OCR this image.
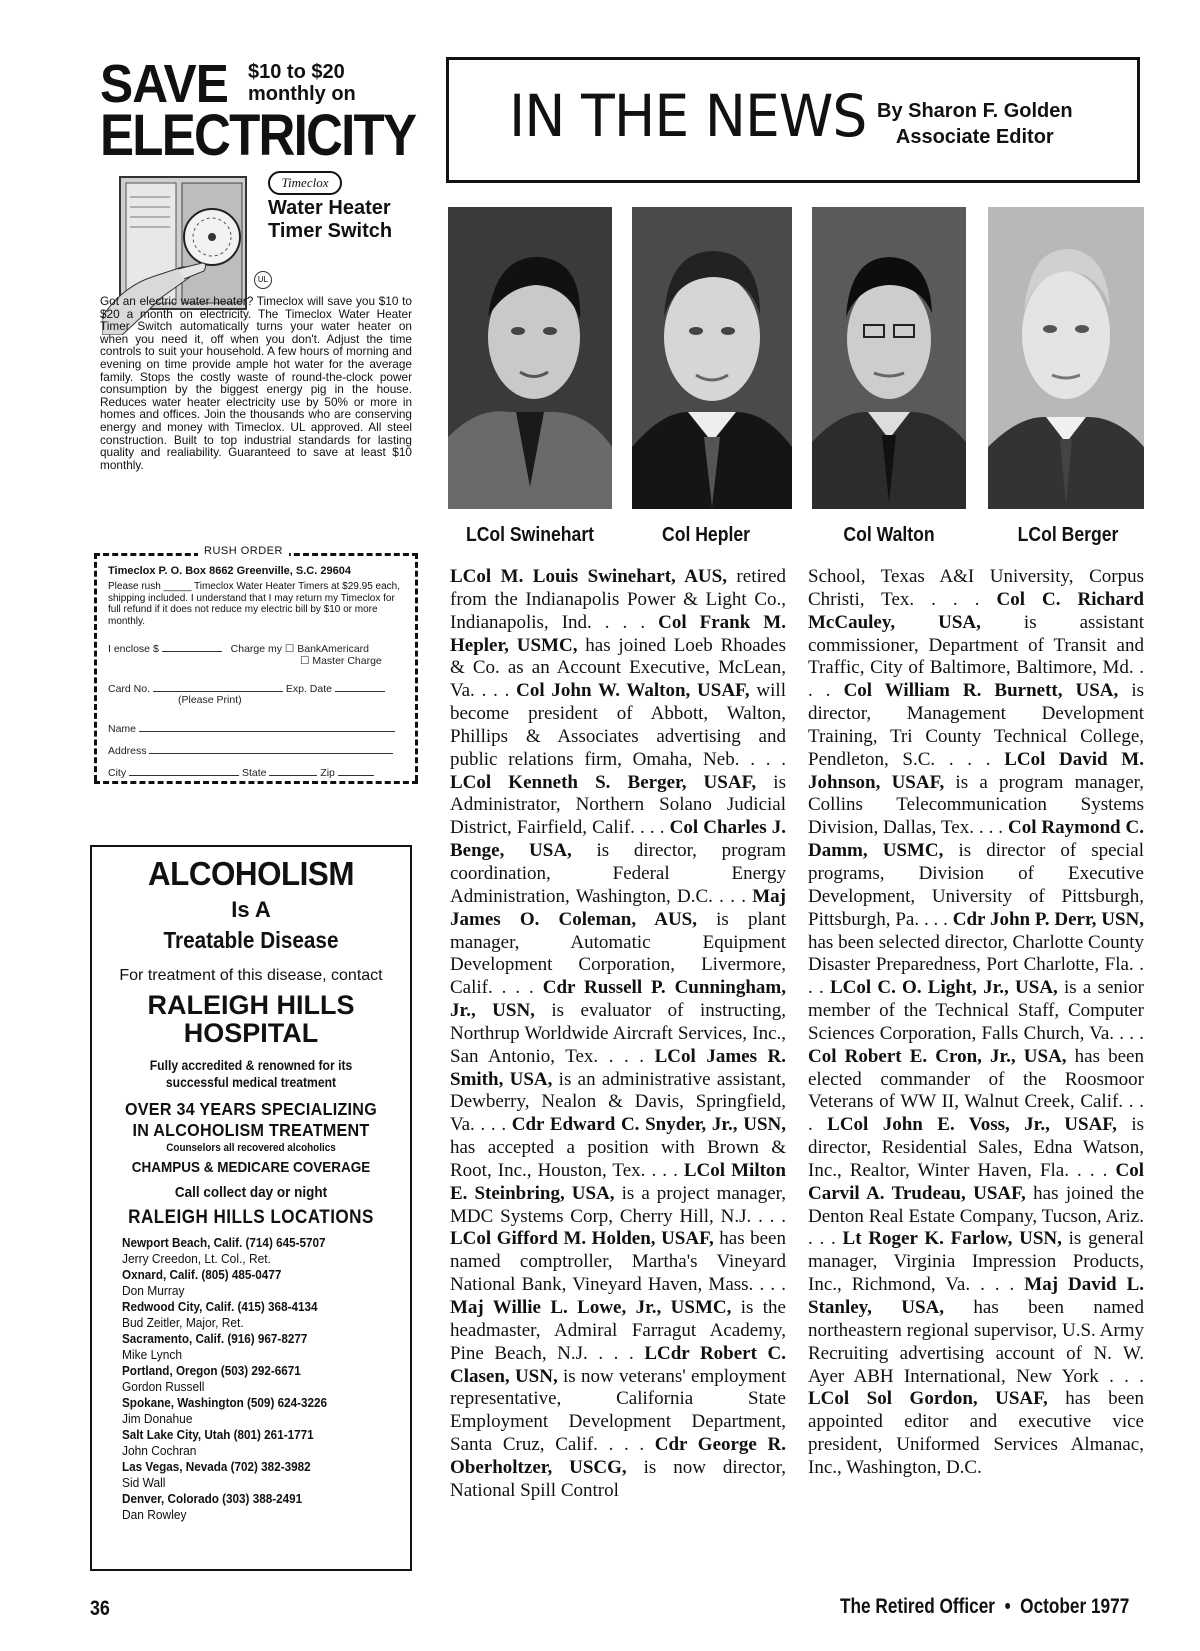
SAVE $10 to $20
monthly on
ELECTRICITY
Timeclox
Water Heater
Timer Switch
UL
Got an electric water heater? Timeclox will save you $10 to $20 a month on electricity. The Timeclox Water Heater Timer Switch automatically turns your water heater on when you need it, off when you don't. Adjust the time controls to suit your household. A few hours of morning and evening on time provide ample hot water for the average family. Stops the costly waste of round-the-clock power consumption by the biggest energy pig in the house. Reduces water heater electricity use by 50% or more in homes and offices. Join the thousands who are conserving energy and money with Timeclox. UL approved. All steel construction. Built to top industrial standards for lasting quality and realiability. Guaranteed to save at least $10 monthly.
RUSH ORDER
Timeclox P. O. Box 8662 Greenville, S.C. 29604
Please rush _____ Timeclox Water Heater Timers at $29.95 each, shipping included. I understand that I may return my Timeclox for full refund if it does not reduce my electric bill by $10 or more monthly.
I enclose $	Charge my ☐ BankAmericard
☐ Master Charge
Card No.	Exp. Date
(Please Print)
Name
Address
City	State	Zip
ALCOHOLISM
Is A
Treatable Disease
For treatment of this disease, contact
RALEIGH HILLS
HOSPITAL
Fully accredited & renowned for its
successful medical treatment
OVER 34 YEARS SPECIALIZING
IN ALCOHOLISM TREATMENT
Counselors all recovered alcoholics
CHAMPUS & MEDICARE COVERAGE
Call collect day or night
RALEIGH HILLS LOCATIONS
Newport Beach, Calif. (714) 645-5707
Jerry Creedon, Lt. Col., Ret.
Oxnard, Calif. (805) 485-0477
Don Murray
Redwood City, Calif. (415) 368-4134
Bud Zeitler, Major, Ret.
Sacramento, Calif. (916) 967-8277
Mike Lynch
Portland, Oregon (503) 292-6671
Gordon Russell
Spokane, Washington (509) 624-3226
Jim Donahue
Salt Lake City, Utah (801) 261-1771
John Cochran
Las Vegas, Nevada (702) 382-3982
Sid Wall
Denver, Colorado (303) 388-2491
Dan Rowley
IN THE NEWS By Sharon F. Golden
Associate Editor
LCol Swinehart	Col Hepler	Col Walton	LCol Berger
LCol M. Louis Swinehart, AUS, retired from the Indianapolis Power & Light Co., Indianapolis, Ind. . . . Col Frank M. Hepler, USMC, has joined Loeb Rhoades & Co. as an Account Executive, McLean, Va. . . . Col John W. Walton, USAF, will become president of Abbott, Walton, Phillips & Associates advertising and public relations firm, Omaha, Neb. . . . LCol Kenneth S. Berger, USAF, is Administrator, Northern Solano Judicial District, Fairfield, Calif. . . . Col Charles J. Benge, USA, is director, program coordination, Federal Energy Administration, Washington, D.C. . . . Maj James O. Coleman, AUS, is plant manager, Automatic Equipment Development Corporation, Livermore, Calif. . . . Cdr Russell P. Cunningham, Jr., USN, is evaluator of instructing, Northrup Worldwide Aircraft Services, Inc., San Antonio, Tex. . . . LCol James R. Smith, USA, is an administrative assistant, Dewberry, Nealon & Davis, Springfield, Va. . . . Cdr Edward C. Snyder, Jr., USN, has accepted a position with Brown & Root, Inc., Houston, Tex. . . . LCol Milton E. Steinbring, USA, is a project manager, MDC Systems Corp, Cherry Hill, N.J. . . . LCol Gifford M. Holden, USAF, has been named comptroller, Martha's Vineyard National Bank, Vineyard Haven, Mass. . . . Maj Willie L. Lowe, Jr., USMC, is the headmaster, Admiral Farragut Academy, Pine Beach, N.J. . . . LCdr Robert C. Clasen, USN, is now veterans' employment representative, California State Employment Development Department, Santa Cruz, Calif. . . . Cdr George R. Oberholtzer, USCG, is now director, National Spill Control
School, Texas A&I University, Corpus Christi, Tex. . . . Col C. Richard McCauley, USA, is assistant commissioner, Department of Transit and Traffic, City of Baltimore, Baltimore, Md. . . . Col William R. Burnett, USA, is director, Management Development Training, Tri County Technical College, Pendleton, S.C. . . . LCol David M. Johnson, USAF, is a program manager, Collins Telecommunication Systems Division, Dallas, Tex. . . . Col Raymond C. Damm, USMC, is director of special programs, Division of Executive Development, University of Pittsburgh, Pittsburgh, Pa. . . . Cdr John P. Derr, USN, has been selected director, Charlotte County Disaster Preparedness, Port Charlotte, Fla. . . . LCol C. O. Light, Jr., USA, is a senior member of the Technical Staff, Computer Sciences Corporation, Falls Church, Va. . . . Col Robert E. Cron, Jr., USA, has been elected commander of the Roosmoor Veterans of WW II, Walnut Creek, Calif. . . . LCol John E. Voss, Jr., USAF, is director, Residential Sales, Edna Watson, Inc., Realtor, Winter Haven, Fla. . . . Col Carvil A. Trudeau, USAF, has joined the Denton Real Estate Company, Tucson, Ariz. . . . Lt Roger K. Farlow, USN, is general manager, Virginia Impression Products, Inc., Richmond, Va. . . . Maj David L. Stanley, USA, has been named northeastern regional supervisor, U.S. Army Recruiting advertising account of N. W. Ayer ABH International, New York . . . LCol Sol Gordon, USAF, has been appointed editor and executive vice president, Uniformed Services Almanac, Inc., Washington, D.C.
36	The Retired Officer  •  October 1977
